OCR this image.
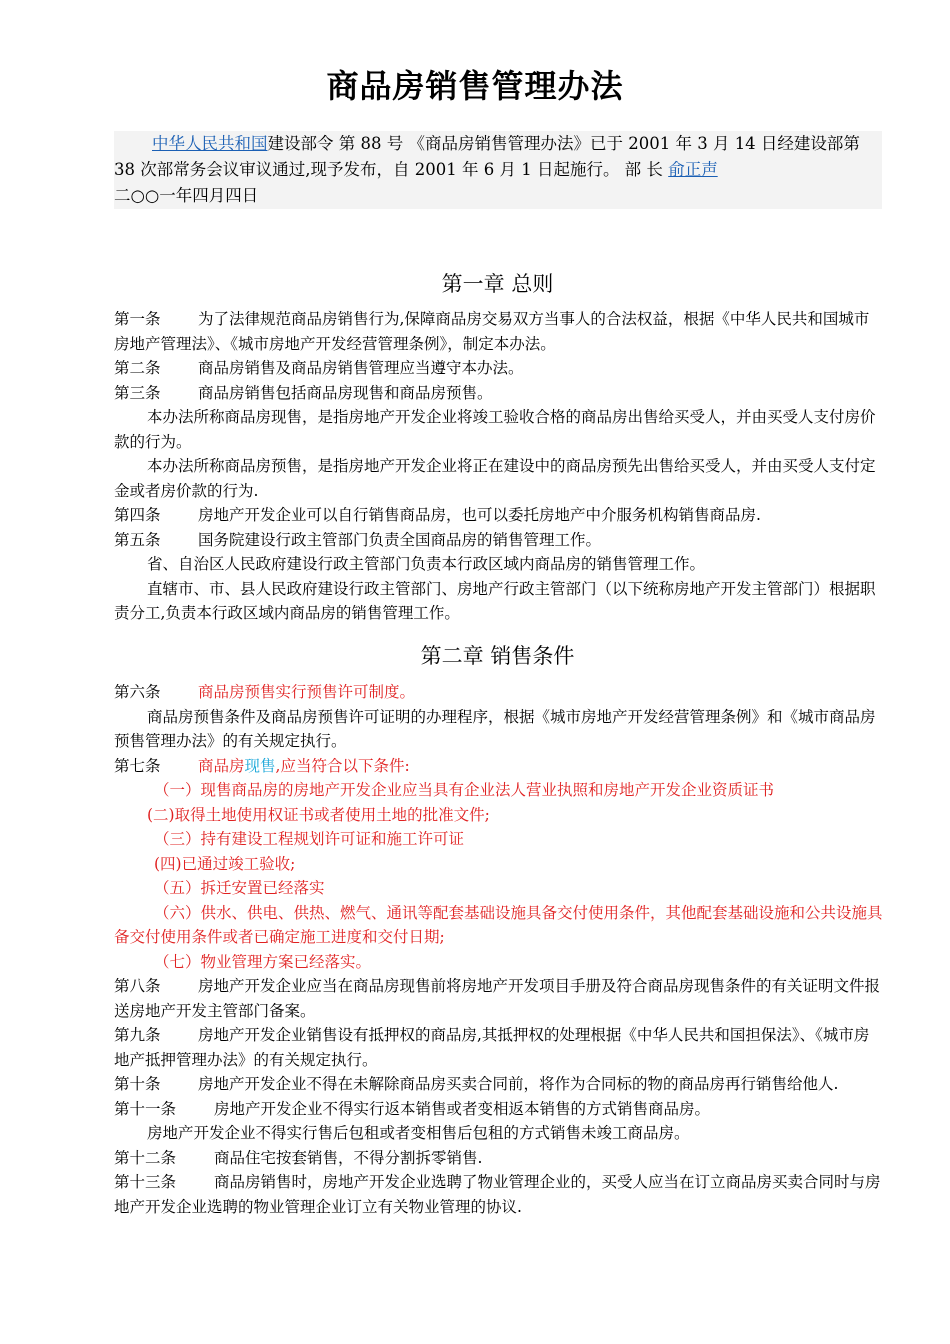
商品房销售管理办法

中华人民共和国建设部令 第 88 号 《商品房销售管理办法》已于 2001 年 3 月 14 日经建设部第 38 次部常务会议审议通过,现予发布，自 2001 年 6 月 1 日起施行。 部 长 俞正声

二○○一年四月四日
第一章 总则

第一条 为了法律规范商品房销售行为,保障商品房交易双方当事人的合法权益，根据《中华人民共和国城市房地产管理法》、《城市房地产开发经营管理条例》，制定本办法。

第二条 商品房销售及商品房销售管理应当遵守本办法。

第三条 商品房销售包括商品房现售和商品房预售。

本办法所称商品房现售，是指房地产开发企业将竣工验收合格的商品房出售给买受人，并由买受人支付房价款的行为。

本办法所称商品房预售，是指房地产开发企业将正在建设中的商品房预先出售给买受人，并由买受人支付定金或者房价款的行为.

第四条 房地产开发企业可以自行销售商品房，也可以委托房地产中介服务机构销售商品房.

第五条 国务院建设行政主管部门负责全国商品房的销售管理工作。

省、自治区人民政府建设行政主管部门负责本行政区域内商品房的销售管理工作。

直辖市、市、县人民政府建设行政主管部门、房地产行政主管部门（以下统称房地产开发主管部门）根据职责分工,负责本行政区域内商品房的销售管理工作。

第二章 销售条件

第六条 商品房预售实行预售许可制度。

商品房预售条件及商品房预售许可证明的办理程序，根据《城市房地产开发经营管理条例》和《城市商品房预售管理办法》的有关规定执行。

第七条 商品房现售,应当符合以下条件:

（一）现售商品房的房地产开发企业应当具有企业法人营业执照和房地产开发企业资质证书

(二)取得土地使用权证书或者使用土地的批准文件;

（三）持有建设工程规划许可证和施工许可证

(四)已通过竣工验收;

（五）拆迁安置已经落实

（六）供水、供电、供热、燃气、通讯等配套基础设施具备交付使用条件，其他配套基础设施和公共设施具备交付使用条件或者已确定施工进度和交付日期;

（七）物业管理方案已经落实。

第八条 房地产开发企业应当在商品房现售前将房地产开发项目手册及符合商品房现售条件的有关证明文件报送房地产开发主管部门备案。

第九条 房地产开发企业销售设有抵押权的商品房,其抵押权的处理根据《中华人民共和国担保法》、《城市房地产抵押管理办法》的有关规定执行。

第十条 房地产开发企业不得在未解除商品房买卖合同前，将作为合同标的物的商品房再行销售给他人.

第十一条 房地产开发企业不得实行返本销售或者变相返本销售的方式销售商品房。

房地产开发企业不得实行售后包租或者变相售后包租的方式销售未竣工商品房。

第十二条 商品住宅按套销售，不得分割拆零销售.

第十三条 商品房销售时，房地产开发企业选聘了物业管理企业的，买受人应当在订立商品房买卖合同时与房地产开发企业选聘的物业管理企业订立有关物业管理的协议.
